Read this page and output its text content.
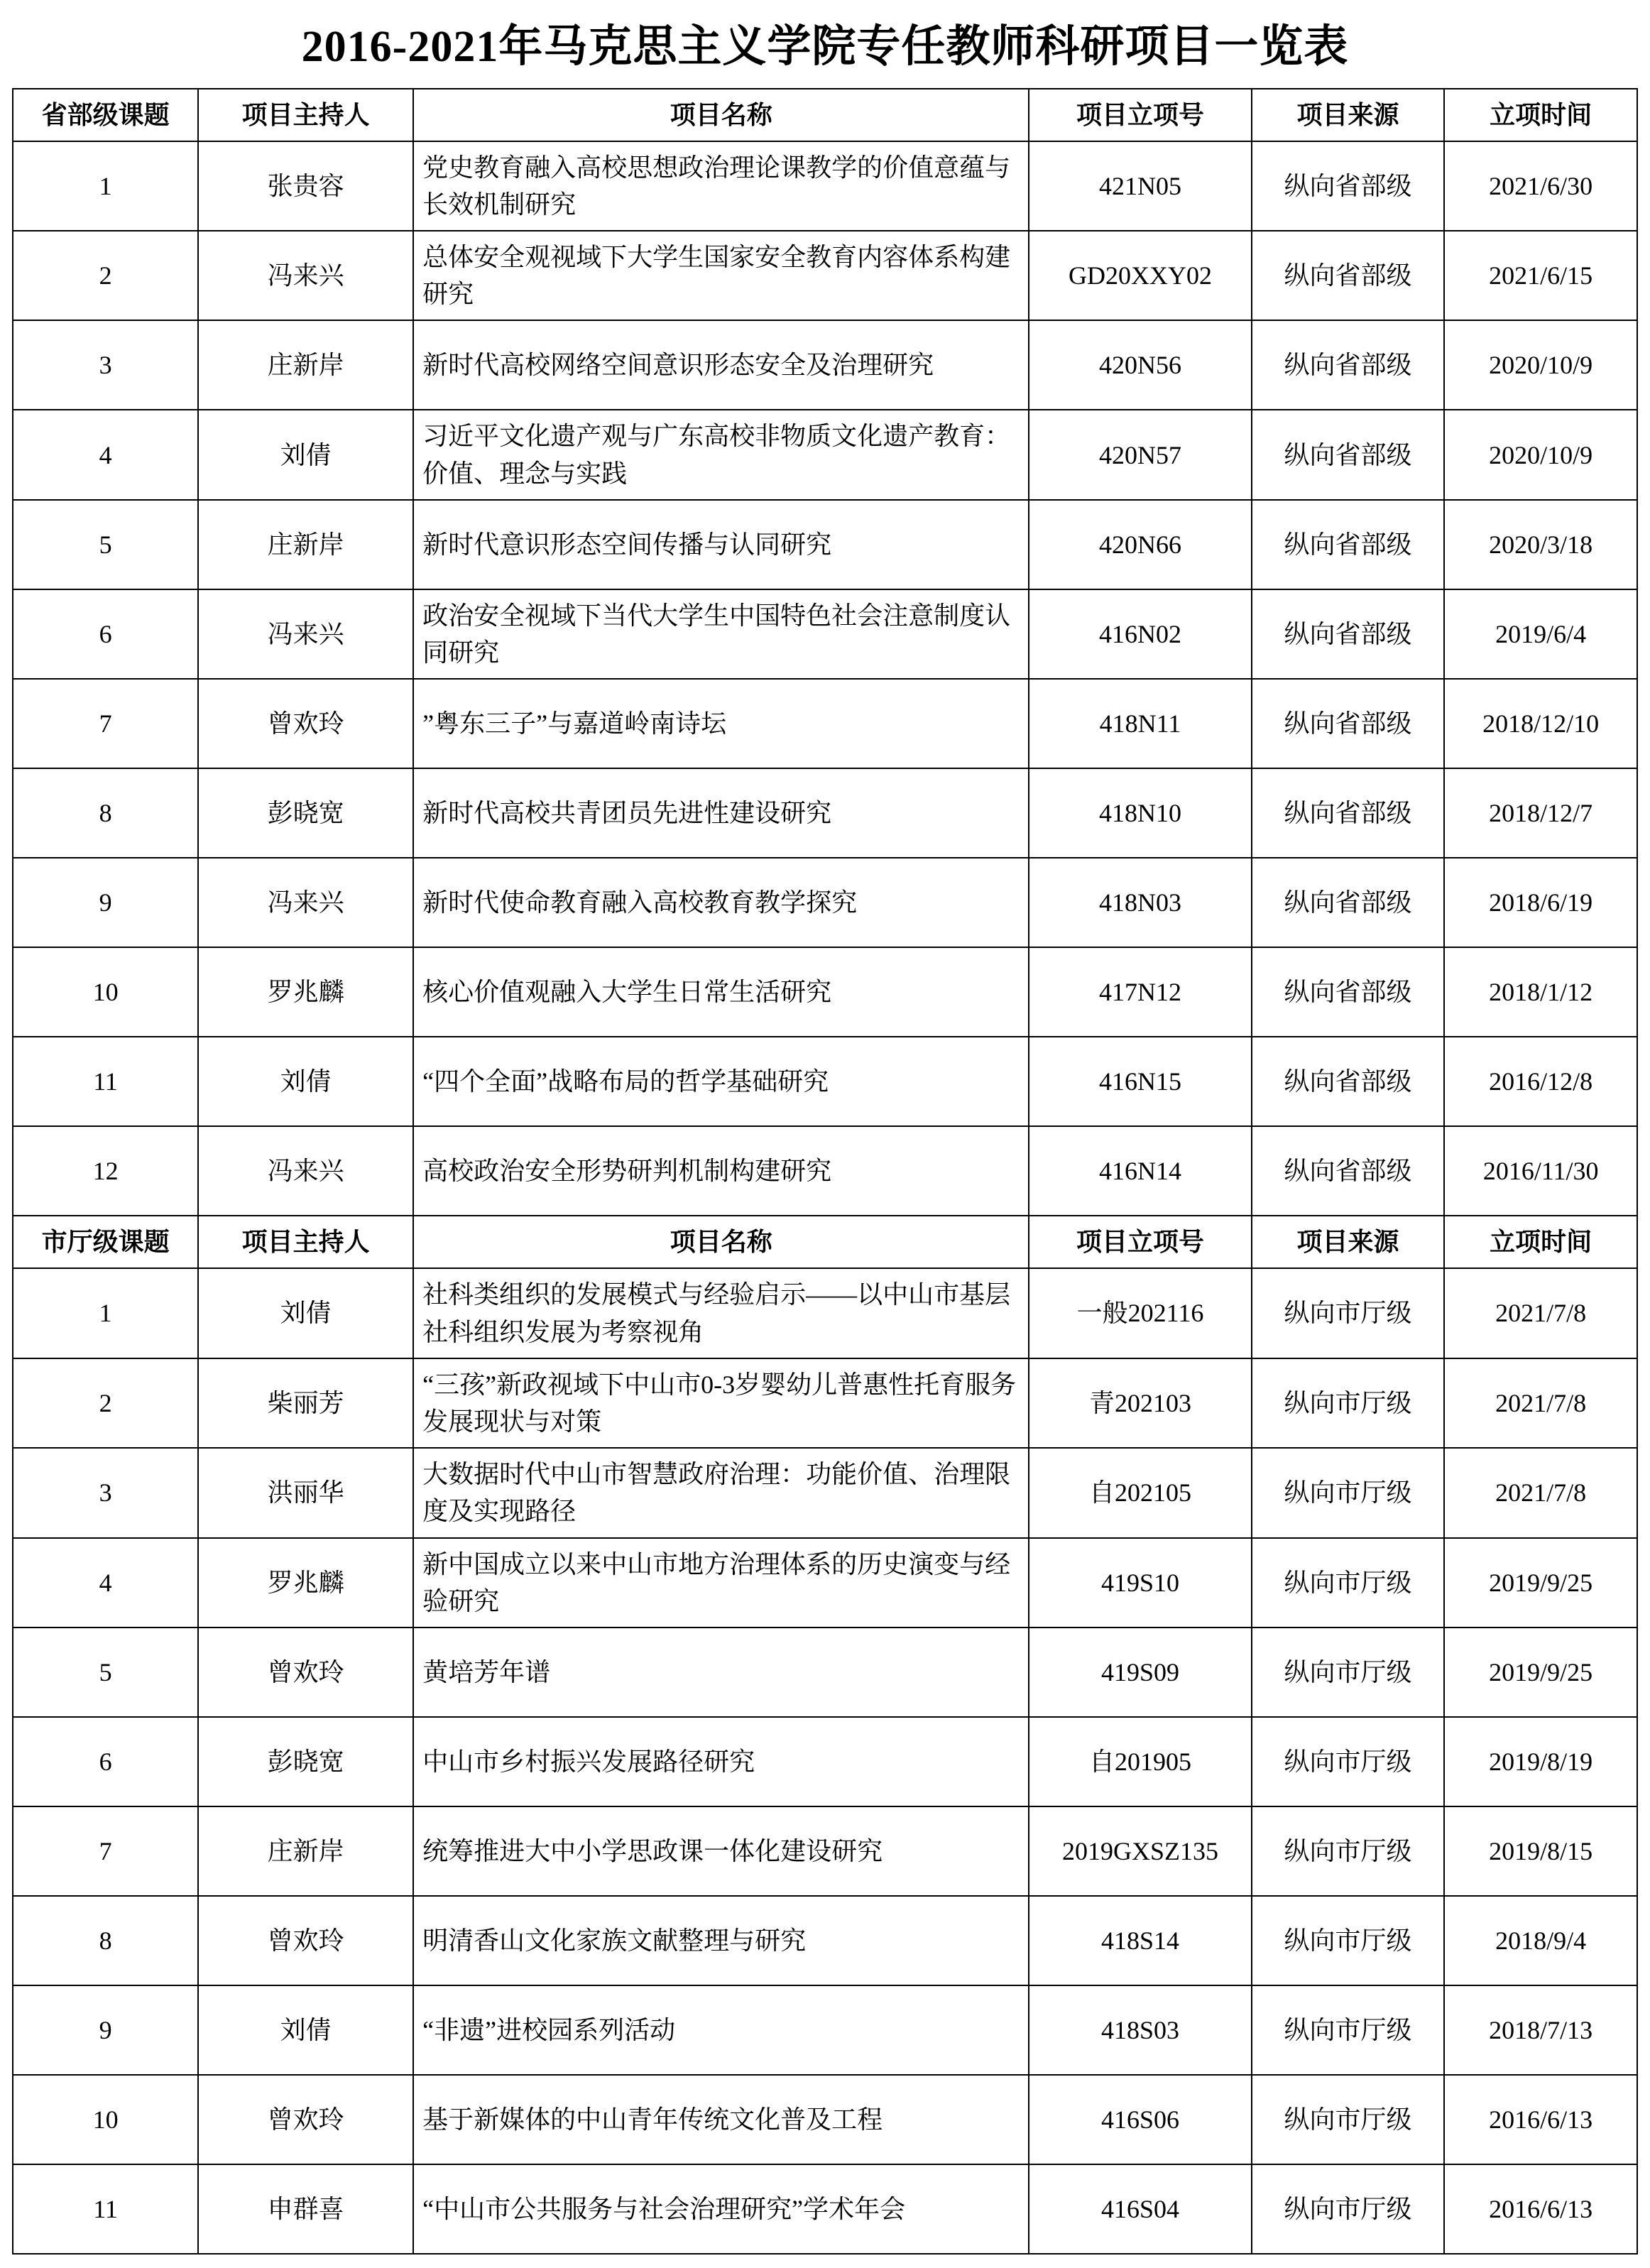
2016-2021年马克思主义学院专任教师科研项目一览表
省部级课题	项目主持人	项目名称	项目立项号	项目来源	立项时间
1	张贵容	党史教育融入高校思想政治理论课教学的价值意蕴与长效机制研究	421N05	纵向省部级	2021/6/30
2	冯来兴	总体安全观视域下大学生国家安全教育内容体系构建研究	GD20XXY02	纵向省部级	2021/6/15
3	庄新岸	新时代高校网络空间意识形态安全及治理研究	420N56	纵向省部级	2020/10/9
4	刘倩	习近平文化遗产观与广东高校非物质文化遗产教育：价值、理念与实践	420N57	纵向省部级	2020/10/9
5	庄新岸	新时代意识形态空间传播与认同研究	420N66	纵向省部级	2020/3/18
6	冯来兴	政治安全视域下当代大学生中国特色社会注意制度认同研究	416N02	纵向省部级	2019/6/4
7	曾欢玲	”粤东三子”与嘉道岭南诗坛	418N11	纵向省部级	2018/12/10
8	彭晓宽	新时代高校共青团员先进性建设研究	418N10	纵向省部级	2018/12/7
9	冯来兴	新时代使命教育融入高校教育教学探究	418N03	纵向省部级	2018/6/19
10	罗兆麟	核心价值观融入大学生日常生活研究	417N12	纵向省部级	2018/1/12
11	刘倩	“四个全面”战略布局的哲学基础研究	416N15	纵向省部级	2016/12/8
12	冯来兴	高校政治安全形势研判机制构建研究	416N14	纵向省部级	2016/11/30
市厅级课题	项目主持人	项目名称	项目立项号	项目来源	立项时间
1	刘倩	社科类组织的发展模式与经验启示——以中山市基层社科组织发展为考察视角	一般202116	纵向市厅级	2021/7/8
2	柴丽芳	“三孩”新政视域下中山市0-3岁婴幼儿普惠性托育服务发展现状与对策	青202103	纵向市厅级	2021/7/8
3	洪丽华	大数据时代中山市智慧政府治理：功能价值、治理限度及实现路径	自202105	纵向市厅级	2021/7/8
4	罗兆麟	新中国成立以来中山市地方治理体系的历史演变与经验研究	419S10	纵向市厅级	2019/9/25
5	曾欢玲	黄培芳年谱	419S09	纵向市厅级	2019/9/25
6	彭晓宽	中山市乡村振兴发展路径研究	自201905	纵向市厅级	2019/8/19
7	庄新岸	统筹推进大中小学思政课一体化建设研究	2019GXSZ135	纵向市厅级	2019/8/15
8	曾欢玲	明清香山文化家族文献整理与研究	418S14	纵向市厅级	2018/9/4
9	刘倩	“非遗”进校园系列活动	418S03	纵向市厅级	2018/7/13
10	曾欢玲	基于新媒体的中山青年传统文化普及工程	416S06	纵向市厅级	2016/6/13
11	申群喜	“中山市公共服务与社会治理研究”学术年会	416S04	纵向市厅级	2016/6/13
